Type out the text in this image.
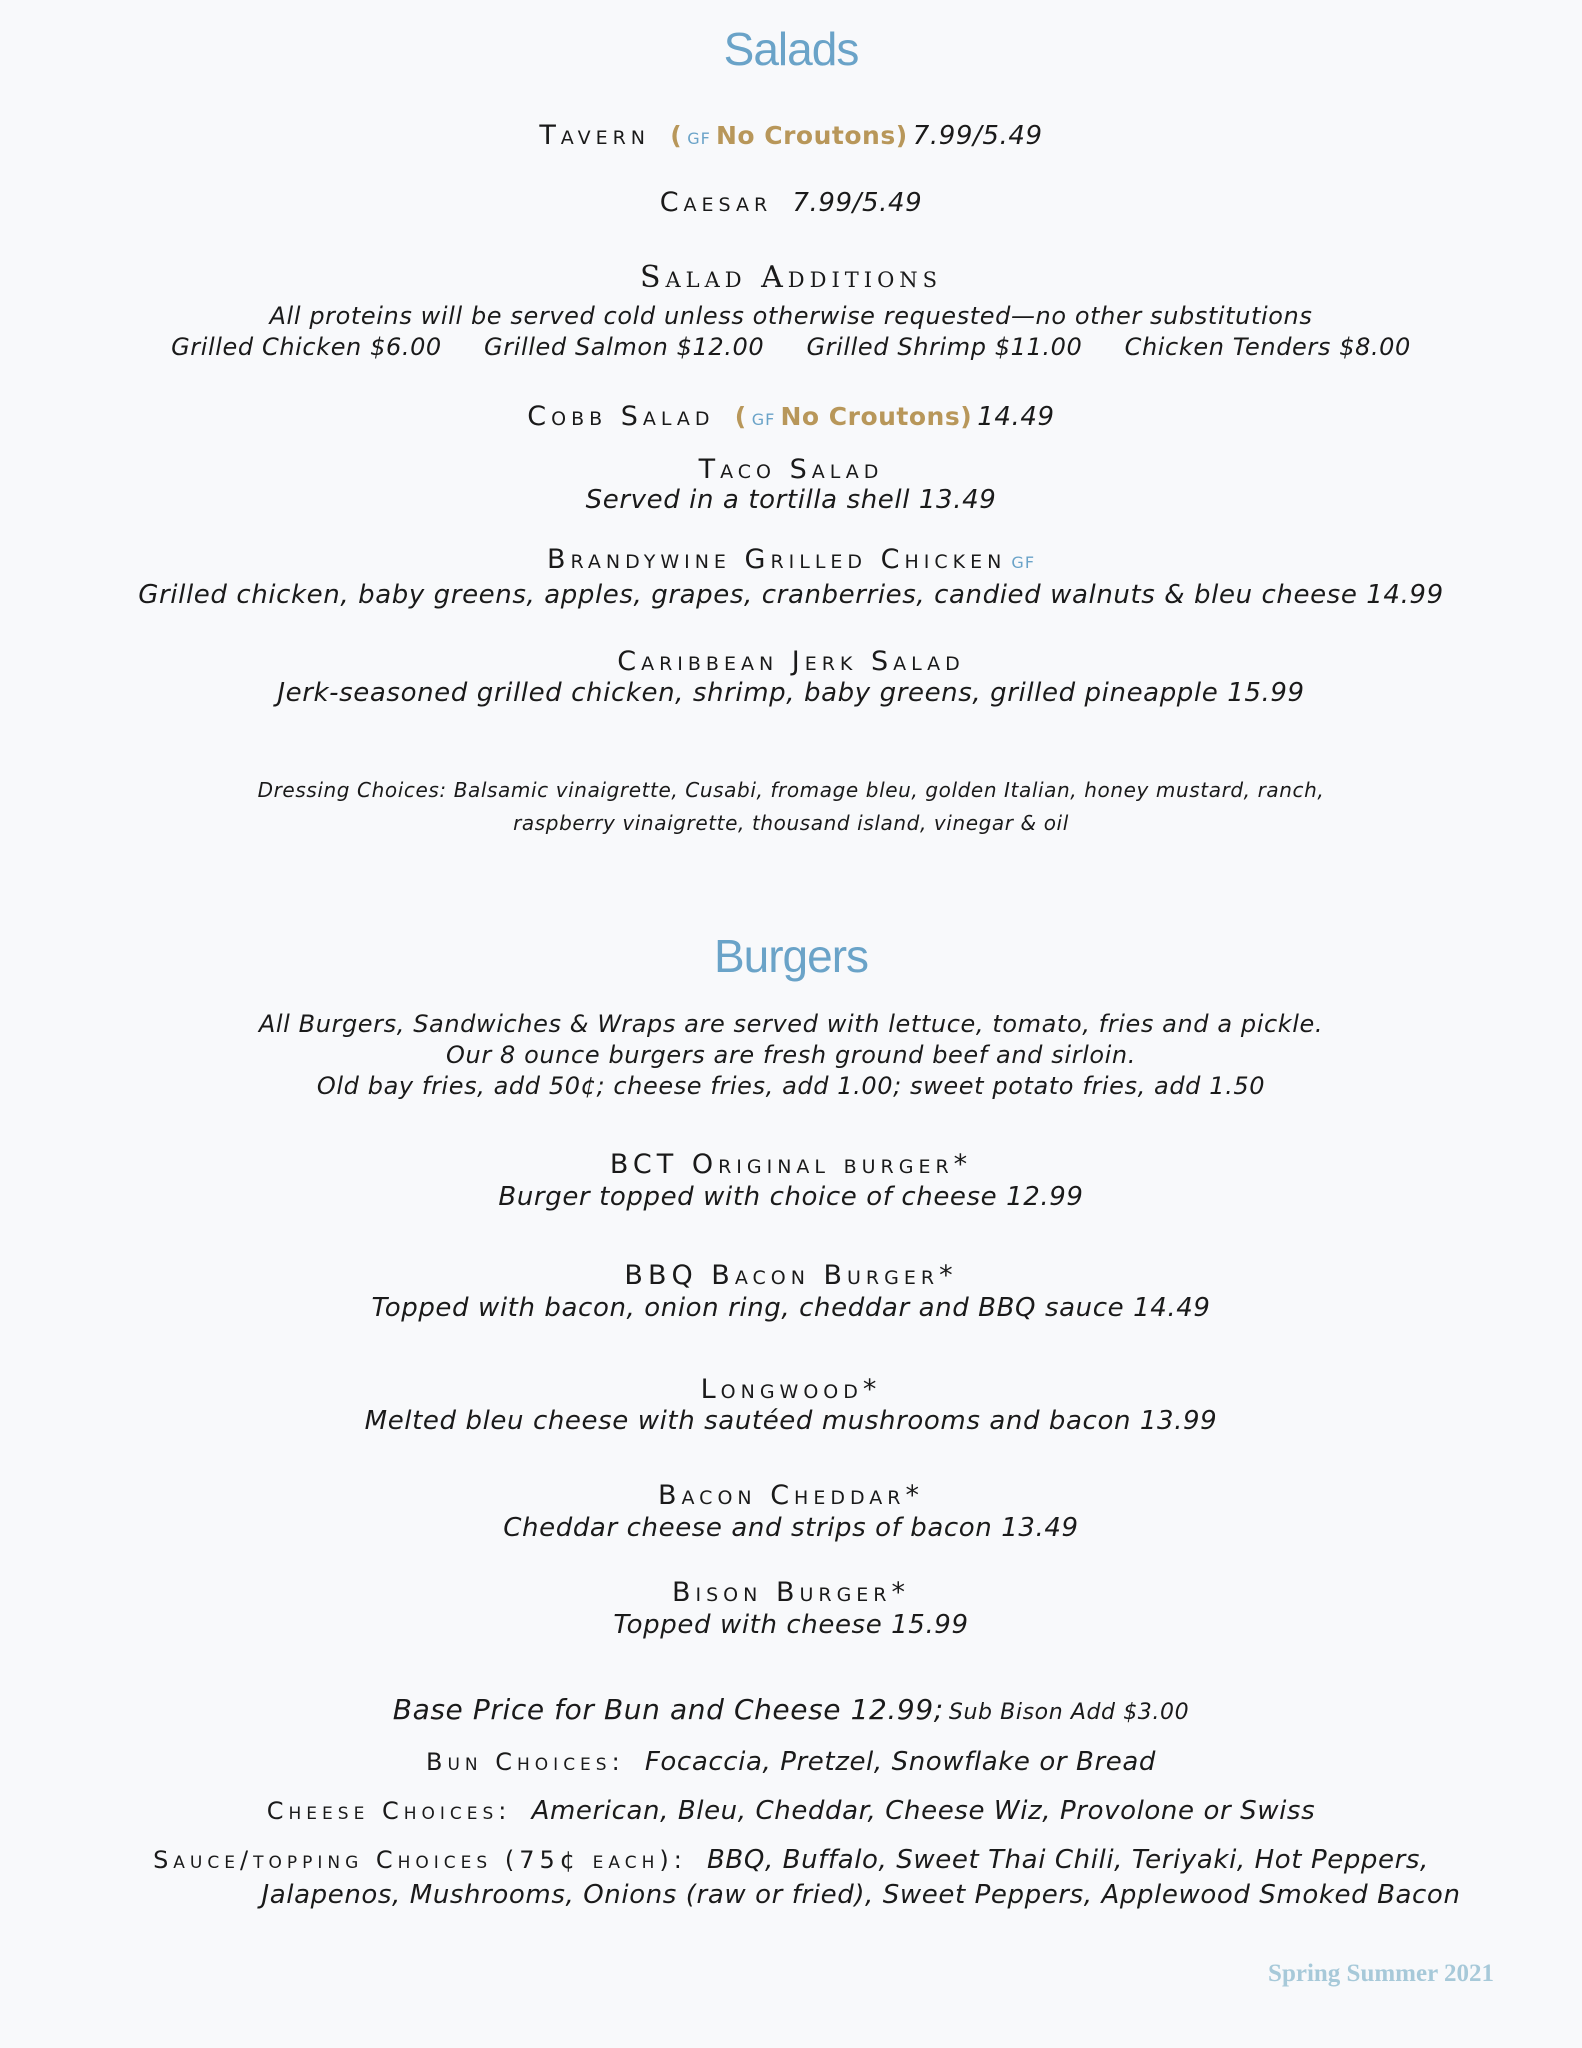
Salads
Tavern ( GF No Croutons) 7.99/5.49
Caesar 7.99/5.49
Salad Additions
All proteins will be served cold unless otherwise requested—no other substitutions
Grilled Chicken $6.00 Grilled Salmon $12.00 Grilled Shrimp $11.00 Chicken Tenders $8.00
Cobb Salad ( GF No Croutons) 14.49
Taco Salad
Served in a tortilla shell 13.49
Brandywine Grilled Chicken GF
Grilled chicken, baby greens, apples, grapes, cranberries, candied walnuts & bleu cheese 14.99
Caribbean Jerk Salad
Jerk-seasoned grilled chicken, shrimp, baby greens, grilled pineapple 15.99
Dressing Choices: Balsamic vinaigrette, Cusabi, fromage bleu, golden Italian, honey mustard, ranch,
raspberry vinaigrette, thousand island, vinegar & oil
Burgers
All Burgers, Sandwiches & Wraps are served with lettuce, tomato, fries and a pickle.
Our 8 ounce burgers are fresh ground beef and sirloin.
Old bay fries, add 50¢; cheese fries, add 1.00; sweet potato fries, add 1.50
BCT Original burger*
Burger topped with choice of cheese 12.99
BBQ Bacon Burger*
Topped with bacon, onion ring, cheddar and BBQ sauce 14.49
Longwood*
Melted bleu cheese with sautéed mushrooms and bacon 13.99
Bacon Cheddar*
Cheddar cheese and strips of bacon 13.49
Bison Burger*
Topped with cheese 15.99
Base Price for Bun and Cheese 12.99; Sub Bison Add $3.00
Bun Choices: Focaccia, Pretzel, Snowflake or Bread
Cheese Choices: American, Bleu, Cheddar, Cheese Wiz, Provolone or Swiss
Sauce/topping Choices (75¢ each): BBQ, Buffalo, Sweet Thai Chili, Teriyaki, Hot Peppers,
Jalapenos, Mushrooms, Onions (raw or fried), Sweet Peppers, Applewood Smoked Bacon
Spring Summer 2021
